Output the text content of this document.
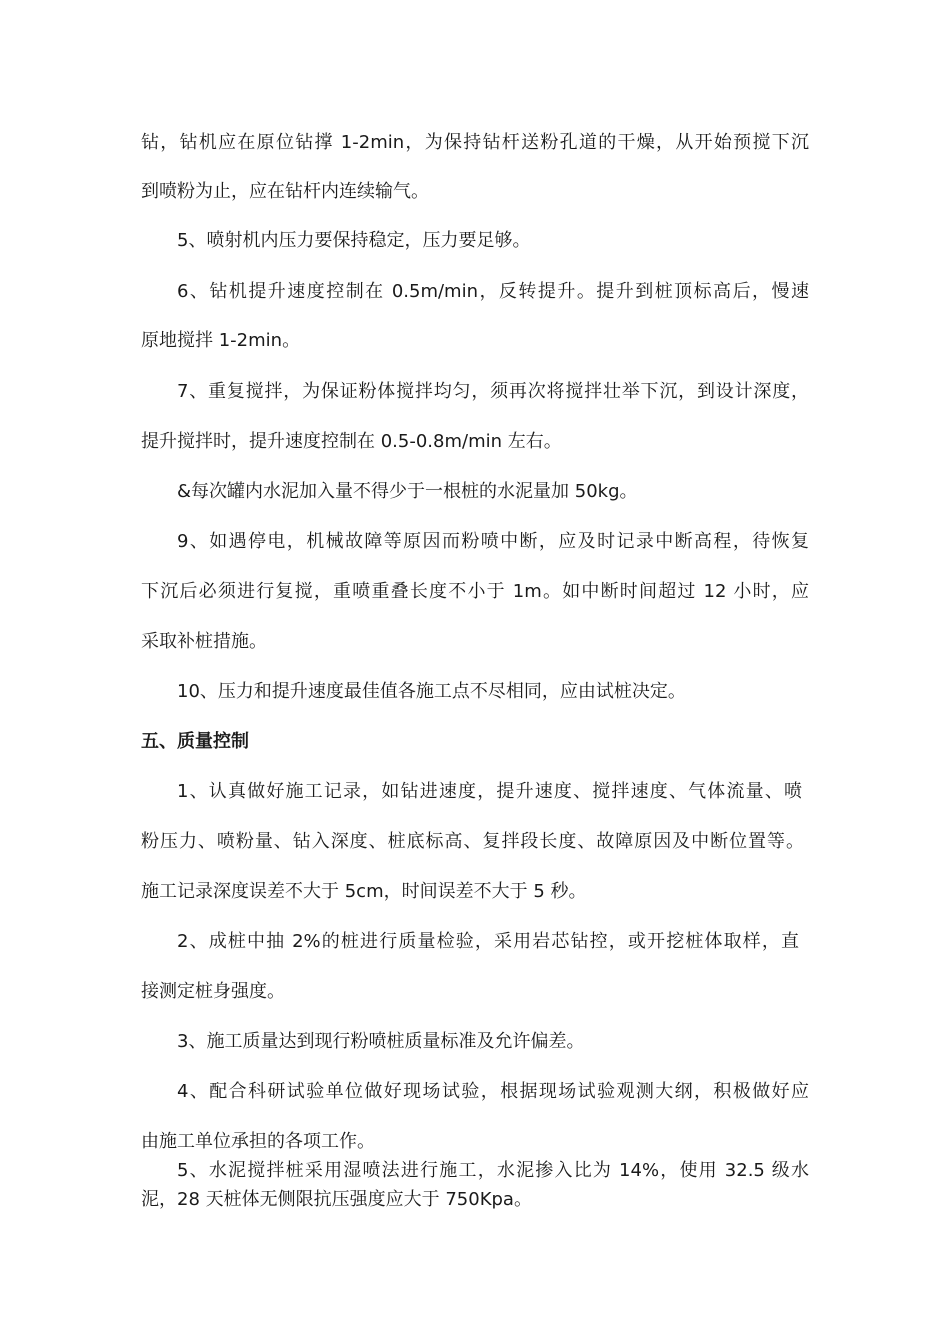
钻，钻机应在原位钻撑 1-2min，为保持钻杆送粉孔道的干燥，从开始预搅下沉

到喷粉为止，应在钻杆内连续输气。

5、喷射机内压力要保持稳定，压力要足够。

6、钻机提升速度控制在 0.5m/min，反转提升。提升到桩顶标高后，慢速

原地搅拌 1-2min。

7、重复搅拌，为保证粉体搅拌均匀，须再次将搅拌壮举下沉，到设计深度，

提升搅拌时，提升速度控制在 0.5-0.8m/min 左右。

&每次罐内水泥加入量不得少于一根桩的水泥量加 50kg。

9、如遇停电，机械故障等原因而粉喷中断，应及时记录中断高程，待恢复

下沉后必须进行复搅，重喷重叠长度不小于 1m。如中断时间超过 12 小时，应

采取补桩措施。

10、压力和提升速度最佳值各施工点不尽相同，应由试桩决定。

五、质量控制

1、认真做好施工记录，如钻进速度，提升速度、搅拌速度、气体流量、喷

粉压力、喷粉量、钻入深度、桩底标高、复拌段长度、故障原因及中断位置等。

施工记录深度误差不大于 5cm，时间误差不大于 5 秒。

2、成桩中抽 2%的桩进行质量检验，采用岩芯钻控，或开挖桩体取样，直

接测定桩身强度。

3、施工质量达到现行粉喷桩质量标准及允许偏差。

4、配合科研试验单位做好现场试验，根据现场试验观测大纲，积极做好应

由施工单位承担的各项工作。

5、水泥搅拌桩采用湿喷法进行施工，水泥掺入比为 14%，使用 32.5 级水

泥，28 天桩体无侧限抗压强度应大于 750Kpa。
